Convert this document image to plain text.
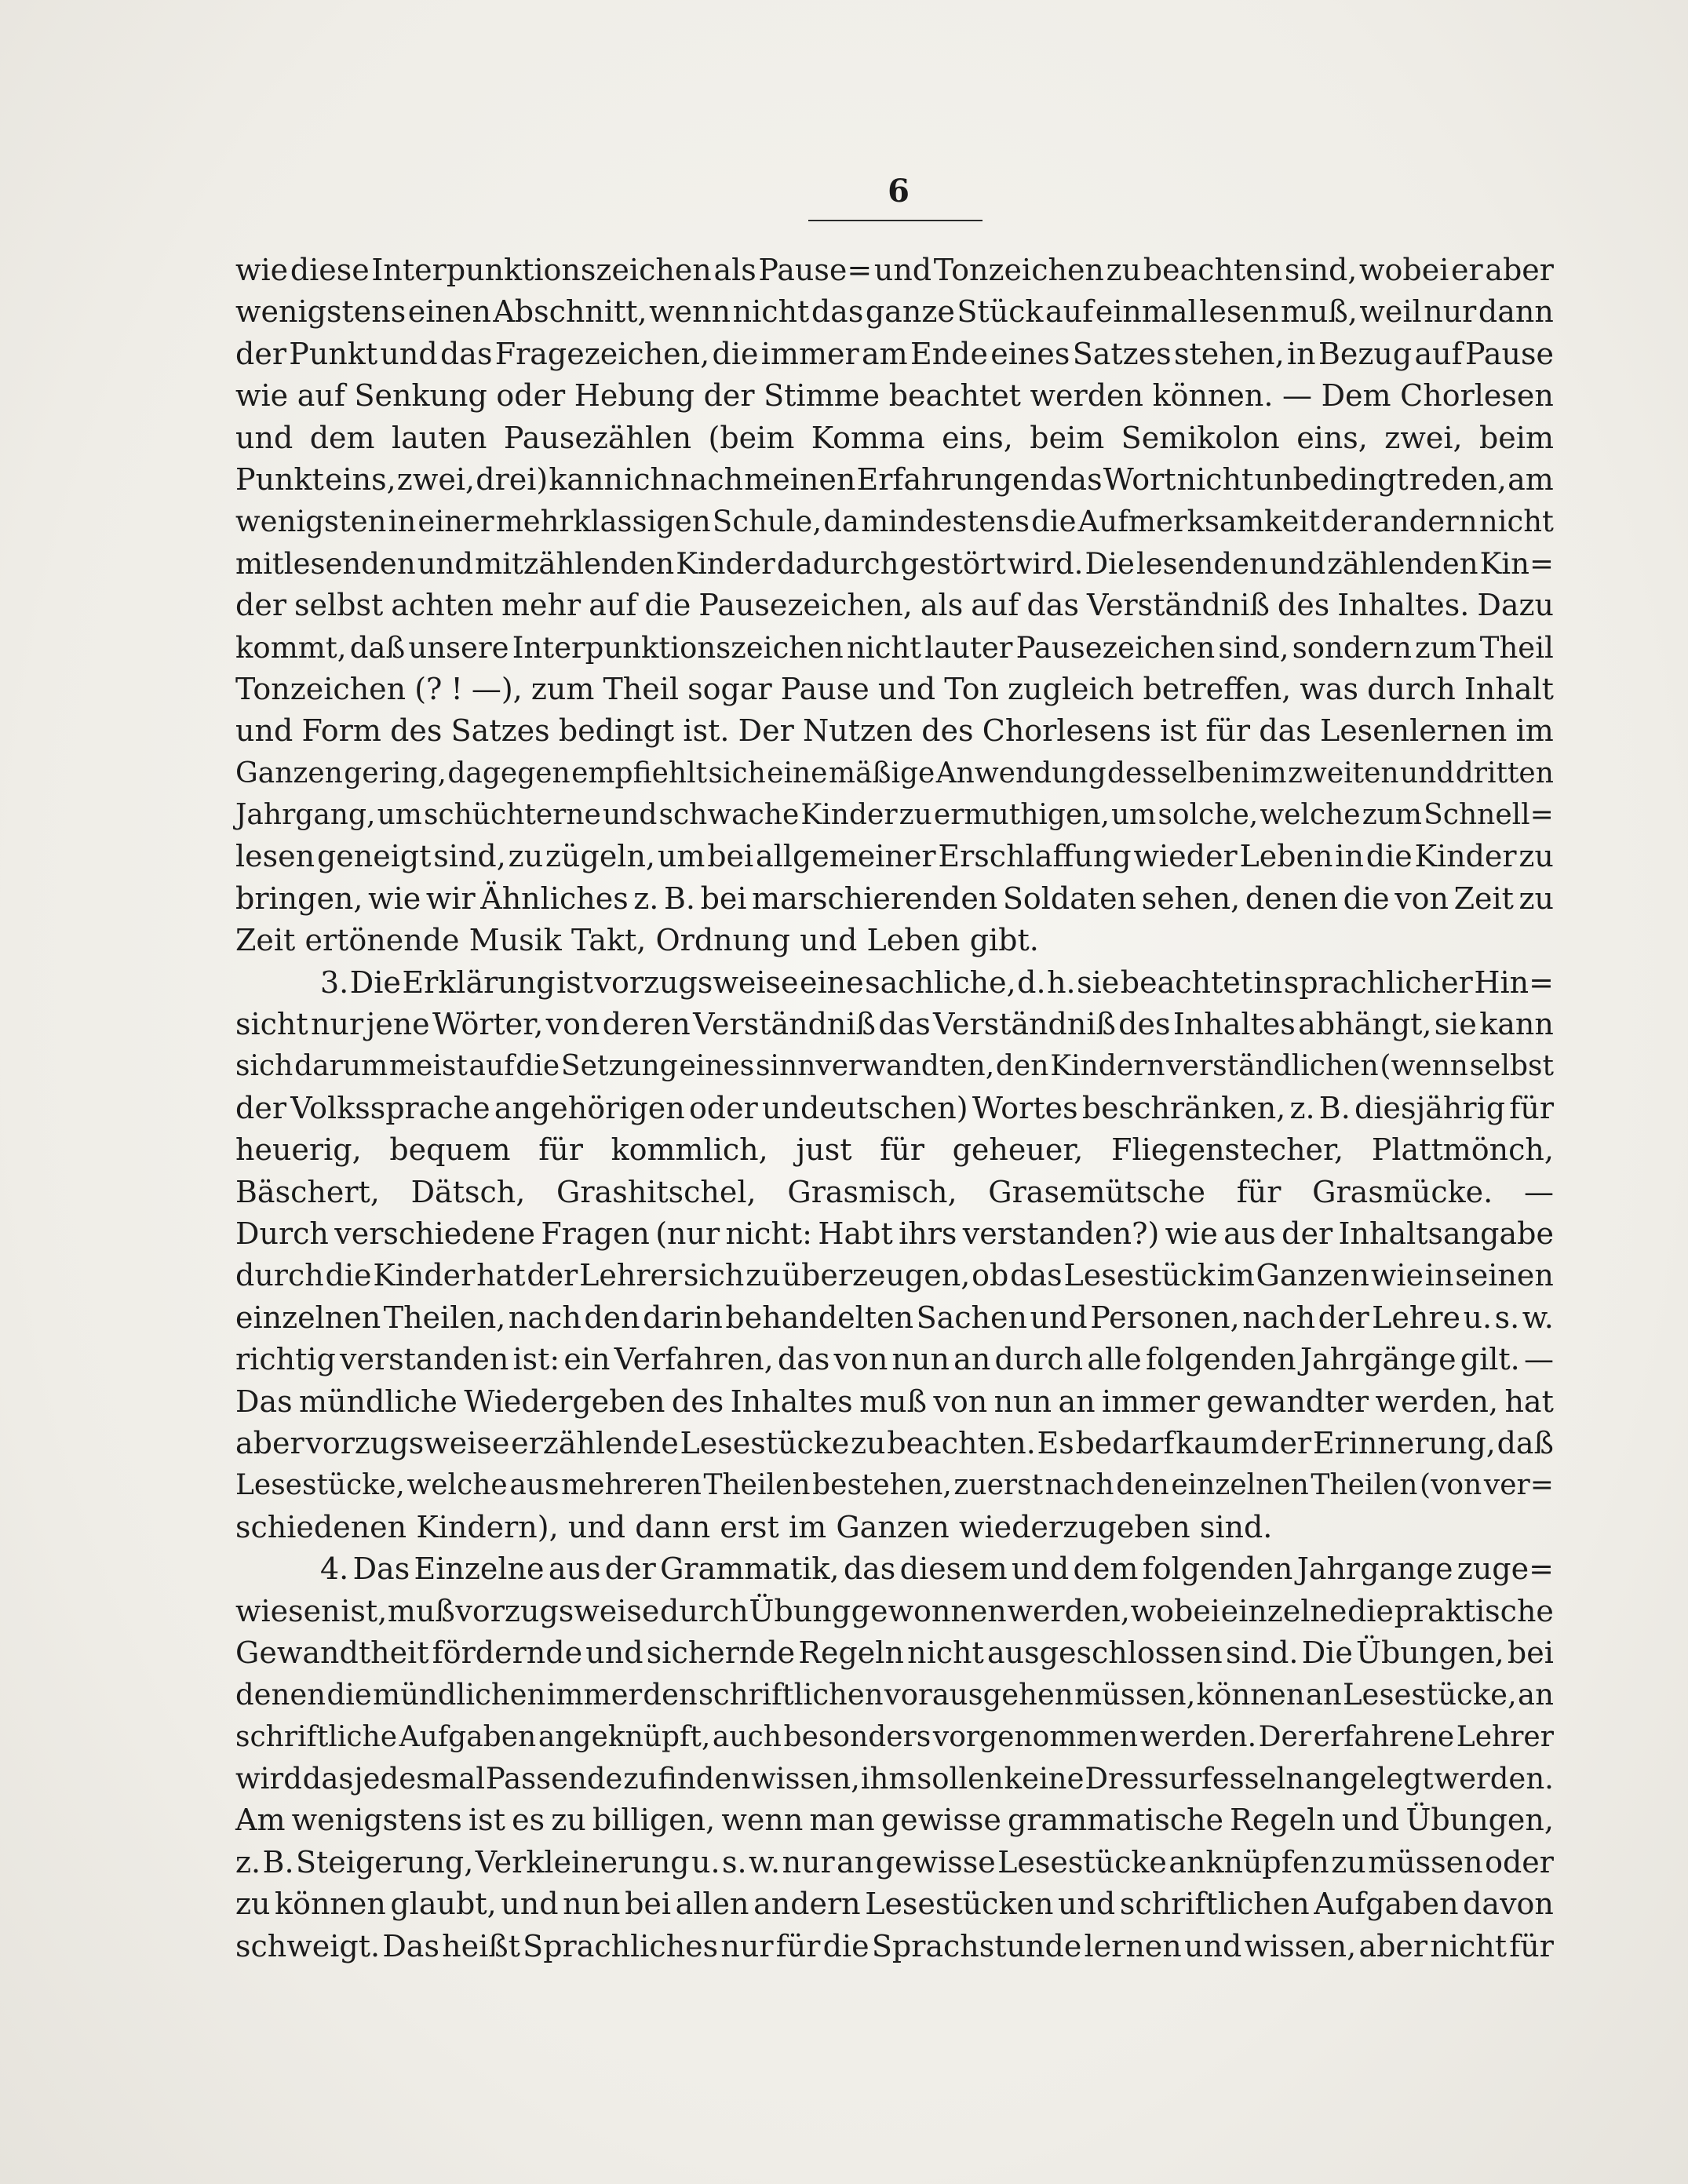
6
wie diese Interpunktionszeichen als Pause= und Tonzeichen zu beachten sind, wobei er aber
wenigstens einen Abschnitt, wenn nicht das ganze Stück auf einmal lesen muß, weil nur dann
der Punkt und das Fragezeichen, die immer am Ende eines Satzes stehen, in Bezug auf Pause
wie auf Senkung oder Hebung der Stimme beachtet werden können. — Dem Chorlesen
und dem lauten Pausezählen (beim Komma eins, beim Semikolon eins, zwei, beim
Punkt eins, zwei, drei) kann ich nach meinen Erfahrungen das Wort nicht unbedingt reden, am
wenigsten in einer mehrklassigen Schule, da mindestens die Aufmerksamkeit der andern nicht
mitlesenden und mitzählenden Kinder dadurch gestört wird. Die lesenden und zählenden Kin=
der selbst achten mehr auf die Pausezeichen, als auf das Verständniß des Inhaltes. Dazu
kommt, daß unsere Interpunktionszeichen nicht lauter Pausezeichen sind, sondern zum Theil
Tonzeichen (? ! —), zum Theil sogar Pause und Ton zugleich betreffen, was durch Inhalt
und Form des Satzes bedingt ist. Der Nutzen des Chorlesens ist für das Lesenlernen im
Ganzen gering, dagegen empfiehlt sich eine mäßige Anwendung desselben im zweiten und dritten
Jahrgang, um schüchterne und schwache Kinder zu ermuthigen, um solche, welche zum Schnell=
lesen geneigt sind, zu zügeln, um bei allgemeiner Erschlaffung wieder Leben in die Kinder zu
bringen, wie wir Ähnliches z. B. bei marschierenden Soldaten sehen, denen die von Zeit zu
Zeit ertönende Musik Takt, Ordnung und Leben gibt.
3. Die Erklärung ist vorzugsweise eine sachliche, d. h. sie beachtet in sprachlicher Hin=
sicht nur jene Wörter, von deren Verständniß das Verständniß des Inhaltes abhängt, sie kann
sich darum meist auf die Setzung eines sinnverwandten, den Kindern verständlichen (wenn selbst
der Volkssprache angehörigen oder undeutschen) Wortes beschränken, z. B. diesjährig für
heuerig, bequem für kommlich, just für geheuer, Fliegenstecher, Plattmönch,
Bäschert, Dätsch, Grashitschel, Grasmisch, Grasemütsche für Grasmücke. —
Durch verschiedene Fragen (nur nicht: Habt ihrs verstanden?) wie aus der Inhaltsangabe
durch die Kinder hat der Lehrer sich zu überzeugen, ob das Lesestück im Ganzen wie in seinen
einzelnen Theilen, nach den darin behandelten Sachen und Personen, nach der Lehre u. s. w.
richtig verstanden ist: ein Verfahren, das von nun an durch alle folgenden Jahrgänge gilt. —
Das mündliche Wiedergeben des Inhaltes muß von nun an immer gewandter werden, hat
aber vorzugsweise erzählende Lesestücke zu beachten. Es bedarf kaum der Erinnerung, daß
Lesestücke, welche aus mehreren Theilen bestehen, zuerst nach den einzelnen Theilen (von ver=
schiedenen Kindern), und dann erst im Ganzen wiederzugeben sind.
4. Das Einzelne aus der Grammatik, das diesem und dem folgenden Jahrgange zuge=
wiesen ist, muß vorzugsweise durch Übung gewonnen werden, wobei einzelne die praktische
Gewandtheit fördernde und sichernde Regeln nicht ausgeschlossen sind. Die Übungen, bei
denen die mündlichen immer den schriftlichen vorausgehen müssen, können an Lesestücke, an
schriftliche Aufgaben angeknüpft, auch besonders vorgenommen werden. Der erfahrene Lehrer
wird das jedesmal Passende zu finden wissen, ihm sollen keine Dressurfesseln angelegt werden.
Am wenigstens ist es zu billigen, wenn man gewisse grammatische Regeln und Übungen,
z. B. Steigerung, Verkleinerung u. s. w. nur an gewisse Lesestücke anknüpfen zu müssen oder
zu können glaubt, und nun bei allen andern Lesestücken und schriftlichen Aufgaben davon
schweigt. Das heißt Sprachliches nur für die Sprachstunde lernen und wissen, aber nicht für
